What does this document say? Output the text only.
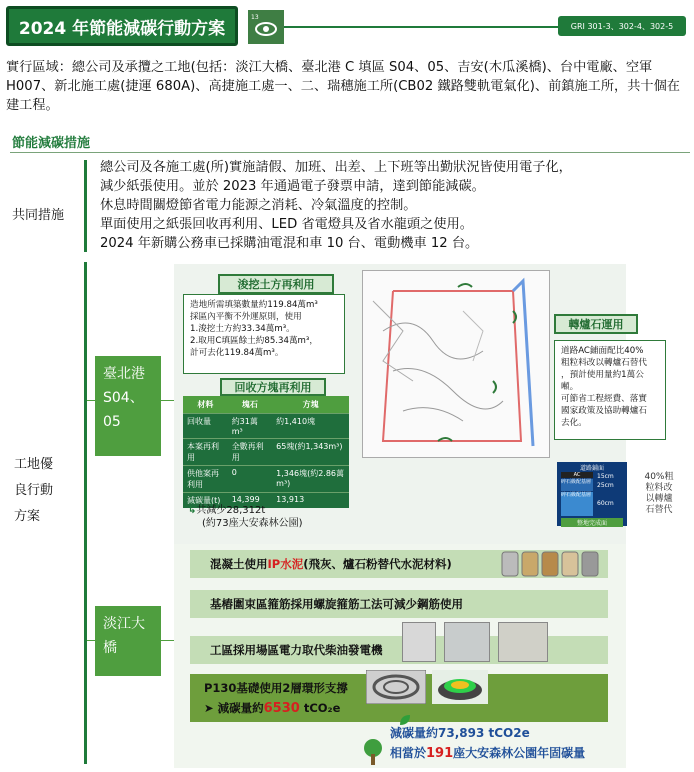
2024 年節能減碳行動方案
13
GRI 301-3、302-4、302-5
實行區域：總公司及承攬之工地(包括：淡江大橋、臺北港 C 填區 S04、05、吉安(木瓜溪橋)、台中電廠、空軍 H007、新北施工處(捷運 680A)、高捷施工處一、二、瑞穗施工所(CB02 鐵路雙軌電氣化)、前鎮施工所，共十個在建工程。
節能減碳措施
共同措施
總公司及各施工處(所)實施請假、加班、出差、上下班等出勤狀況皆使用電子化，
減少紙張使用。並於 2023 年通過電子發票申請，達到節能減碳。
休息時間關燈節省電力能源之消耗、冷氣溫度的控制。
單面使用之紙張回收再利用、LED 省電燈具及省水龍頭之使用。
2024 年新購公務車已採購油電混和車 10 台、電動機車 12 台。
工地優
良行動
方案
臺北港
S04、
05
浚挖土方 再利用
造地所需填築數量約119.84萬m³
採區內平衡不外運原則，使用
1.浚挖土方約33.34萬m³。
2.取用C填區餘土約85.34萬m³，
計可去化119.84萬m³。
回收方塊 再利用
材料	塊石	方塊
回收量	約31萬m³	約1,410塊
本案再利用	全數再利用	65塊(約1,343m³)
供他案再利用	0	1,346塊(約2.86萬m³)
減碳量(t)	14,399	13,913
↳共減少28,312t
(約73座大安森林公園)
轉爐石運用
道路AC鋪面配比40%
粗粒料改以轉爐石替代
，預計使用量約1萬公
噸。
可節省工程經費、落實
國家政策及協助轉爐石
去化。
道路鋪面
AC
碎石級配基層
碎石級配基層
15cm
25cm
60cm
整地完成面
40%粗
粒料改
以轉爐
石替代
淡江大
橋
混凝土使用 IP水泥 (飛灰、爐石粉替代水泥材料)
基樁圍束區箍筋採用螺旋箍筋工法可減少鋼筋使用
工區採用場區電力取代柴油發電機
P130基礎使用2層環形支撐
➤ 減碳量約6530 tCO₂e
減碳量約73,893 tCO2e
相當於191座大安森林公園年固碳量
